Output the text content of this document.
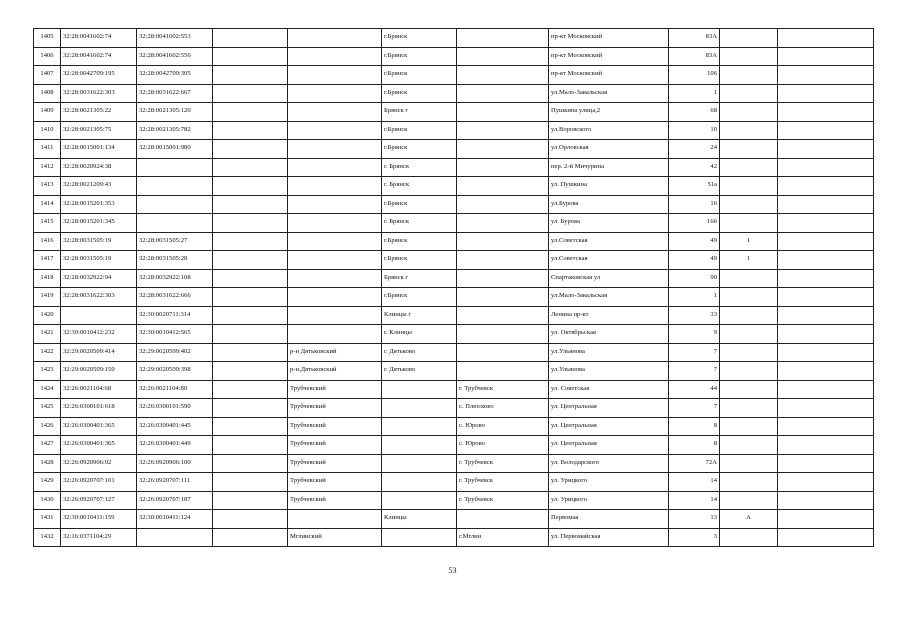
1405	32:28:0041602:74	32:28:0041602:553			г.Брянск		пр-кт Московский	83А		
1406	32:28:0041602:74	32:28:0041602:556			г.Брянск		пр-кт Московский	83А		
1407	32:28:0042709:195	32:28:0042709:305			г.Брянск		пр-кт Московский	106		
1408	32:28:0031622:303	32:28:0031622:667			г.Брянск		ул.Мало-Завальская	1		
1409	32:28:0021305:22	32:28:0021305:120			Брянск г		Пушкина улица,2	68		
1410	32:28:0021305:75	32:28:0021305:782			г.Брянск		ул.Воровского	10		
1411	32:28:0015001:134	32:28:0015001:980			г.Брянск		ул.Орловская	24		
1412	32:28:0020924:38				г. Брянск		пер. 2-й Мичурина	42		
1413	32:28:0021209:43				г. Брянск		ул. Пушкина	51а		
1414	32:28:0015201:353				г.Брянск		ул.Бурова	16		
1415	32:28:0015201:345				г. Брянск		ул. Бурова	16б		
1416	32:28:0031505:19	32:28:0031505:27			г.Брянск		ул.Советская	49	1	
1417	32:28:0031505:19	32:28:0031505:28			г.Брянск		ул.Советская	49	1	
1418	32:28:0032922:94	32:28:0032922:108			Брянск г		Спартаковская ул	90		
1419	32:28:0031622:303	32:28:0031622:666			г.Брянск		ул.Мало-Завальская	1		
1420		32:30:0020711:314			Клинцы г		Ленина пр-кт	33		
1421	32:30:0010412:232	32:30:0010412:565			г. Клинцы		ул. Октябрьская	9		
1422	32:29:0020509:414	32:29:0020509:402		р-н Дятьковский	г. Дятьково		ул.Ульянова	7		
1423	32:29:0020509:150	32:29:0020509:398		р-н.Дятьковский	г. Дятьково		ул.Ульянова	7		
1424	32:26:0021104:68	32:26:0021104:80		Трубчевский		г. Трубчевск	ул. Советская	44		
1425	32:26:0300101:618	32:26:0300101:590		Трубчевский		с. Плюсково	ул. Центральная	7		
1426	32:26:0300401:365	32:26:0300401:445		Трубчевский		с. Юрово	ул. Центральная	8		
1427	32:26:0300401:365	32:26:0300401:449		Трубчевский		с. Юрово	ул. Центральная	8		
1428	32:26:0920906:92	32:26:0920906:100		Трубчевский		г. Трубчевск	ул. Володарского	72А		
1429	32:26:0920707:101	32:26:0920707:111		Трубчевский		г. Трубчевск	ул. Урицкого	14		
1430	32:26:0920707:127	32:26:0920707:187		Трубчевский		г. Трубчевск	ул. Урицкого	14		
1431	32:30:0010411:159	32:30:0010411:124			Клинцы		Первомая	13	А	
1432	32:16:0371104:29			Мглинский		г.Мглин	ул. Первомайская	3		
53
